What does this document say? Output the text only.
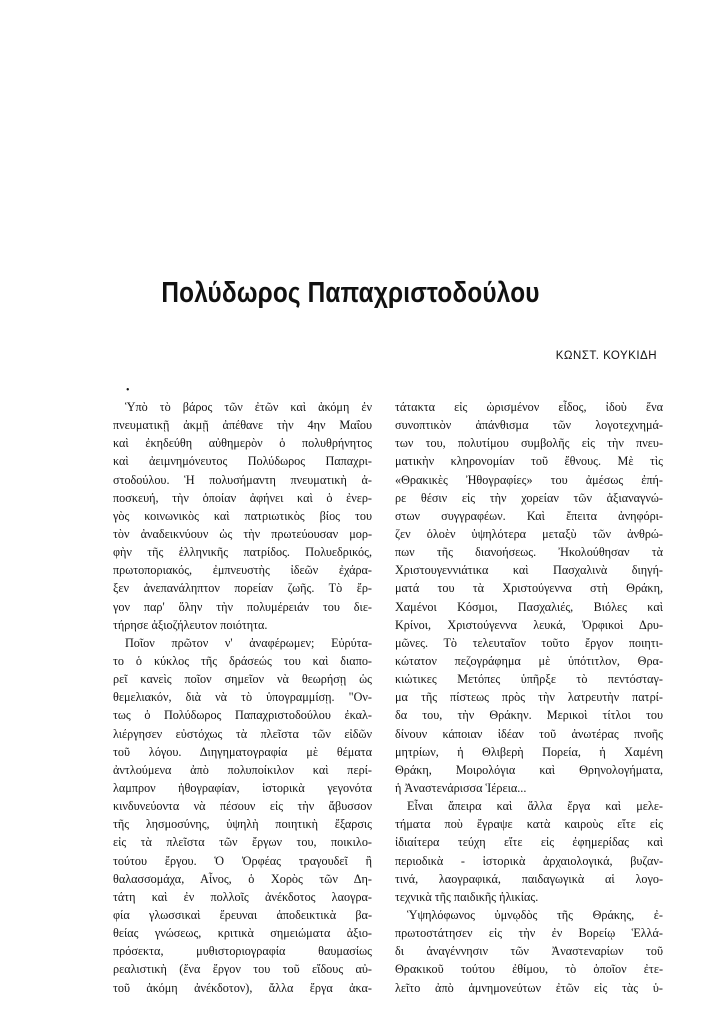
Πολύδωρος Παπαχριστοδούλου
ΚΩΝΣΤ. ΚΟΥΚΙΔΗ
•
Ὑπὸ τὸ βάρος τῶν ἐτῶν καὶ ἀκόμη ἐν
πνευματικῇ ἀκμῇ ἀπέθανε τὴν 4ην Μαΐου
καὶ ἐκηδεύθη αὐθημερὸν ὁ πολυθρήνητος
καὶ ἀειμνημόνευτος Πολύδωρος Παπαχρι-
στοδούλου. Ἡ πολυσήμαντη πνευματικὴ ἀ-
ποσκευή, τὴν ὁποίαν ἀφήνει καὶ ὁ ἐνερ-
γὸς κοινωνικὸς καὶ πατριωτικὸς βίος του
τὸν ἀναδεικνύουν ὡς τὴν πρωτεύουσαν μορ-
φὴν τῆς ἑλληνικῆς πατρίδος. Πολυεδρικός,
πρωτοποριακός, ἐμπνευστὴς ἰδεῶν ἐχάρα-
ξεν ἀνεπανάληπτον πορείαν ζωῆς. Τὸ ἔρ-
γον παρ' ὅλην τὴν πολυμέρειάν του διε-
τήρησε ἀξιοζήλευτον ποιότητα.
Ποῖον πρῶτον ν' ἀναφέρωμεν; Εὐρύτα-
το ὁ κύκλος τῆς δράσεώς του καὶ διαπο-
ρεῖ κανεὶς ποῖον σημεῖον νὰ θεωρήσῃ ὡς
θεμελιακόν, διὰ νὰ τὸ ὑπογραμμίσῃ. "Ον-
τως ὁ Πολύδωρος Παπαχριστοδούλου ἐκαλ-
λιέργησεν εὐστόχως τὰ πλεῖστα τῶν εἰδῶν
τοῦ λόγου. Διηγηματογραφία μὲ θέματα
ἀντλούμενα ἀπὸ πολυποίκιλον καὶ περί-
λαμπρον ἠθογραφίαν, ἱστορικὰ γεγονότα
κινδυνεύοντα νὰ πέσουν εἰς τὴν ἄβυσσον
τῆς λησμοσύνης, ὑψηλὴ ποιητικὴ ἔξαρσις
εἰς τὰ πλεῖστα τῶν ἔργων του, ποικιλο-
τούτου ἔργου. Ὁ Ὀρφέας τραγουδεῖ ἢ
θαλασσομάχα, Αἶνος, ὁ Χορὸς τῶν Δη-
τάτη καὶ ἐν πολλοῖς ἀνέκδοτος λαογρα-
φία γλωσσικαὶ ἔρευναι ἀποδεικτικὰ βα-
θείας γνώσεως, κριτικὰ σημειώματα ἀξιο-
πρόσεκτα, μυθιστοριογραφία θαυμασίως
ρεαλιστικὴ (ἕνα ἔργον του τοῦ εἴδους αὐ-
τοῦ ἀκόμη ἀνέκδοτον), ἄλλα ἔργα ἀκα-
τάτακτα εἰς ὡρισμένον εἶδος, ἰδοὺ ἕνα
συνοπτικὸν ἀπάνθισμα τῶν λογοτεχνημά-
των του, πολυτίμου συμβολῆς εἰς τὴν πνευ-
ματικὴν κληρονομίαν τοῦ ἔθνους. Μὲ τὶς
«Θρακικὲς Ἠθογραφίες» του ἀμέσως ἐπή-
ρε θέσιν εἰς τὴν χορείαν τῶν ἀξιαναγνώ-
στων συγγραφέων. Καὶ ἔπειτα ἀνηφόρι-
ζεν ὁλοὲν ὑψηλότερα μεταξὺ τῶν ἀνθρώ-
πων τῆς διανοήσεως. Ἠκολούθησαν τὰ
Χριστουγεννιάτικα καὶ Πασχαλινὰ διηγή-
ματά του τὰ Χριστούγεννα στὴ Θράκη,
Χαμένοι Κόσμοι, Πασχαλιές, Βιόλες καὶ
Κρίνοι, Χριστούγεννα λευκά, Ὀρφικοὶ Δρυ-
μῶνες. Τὸ τελευταῖον τοῦτο ἔργον ποιητι-
κώτατον πεζογράφημα μὲ ὑπότιτλον, Θρα-
κιώτικες Μετόπες ὑπῆρξε τὸ πεντόσταγ-
μα τῆς πίστεως πρὸς τὴν λατρευτὴν πατρί-
δα του, τὴν Θράκην. Μερικοὶ τίτλοι του
δίνουν κάποιαν ἰδέαν τοῦ ἀνωτέρας πνοῆς
μητρίων, ἡ Θλιβερὴ Πορεία, ἡ Χαμένη
Θράκη, Μοιρολόγια καὶ Θρηνολογήματα,
ἡ Ἀναστενάρισσα Ἱέρεια...
Εἶναι ἄπειρα καὶ ἄλλα ἔργα καὶ μελε-
τήματα ποὺ ἔγραψε κατὰ καιροὺς εἴτε εἰς
ἰδιαίτερα τεύχη εἴτε εἰς ἐφημερίδας καὶ
περιοδικὰ - ἱστορικὰ ἀρχαιολογικά, βυζαν-
τινά, λαογραφικά, παιδαγωγικὰ αἱ λογο-
τεχνικὰ τῆς παιδικῆς ἡλικίας.
Ὑψηλόφωνος ὑμνῳδὸς τῆς Θράκης, ἐ-
πρωτοστάτησεν εἰς τὴν ἐν Βορείῳ Ἑλλά-
δι ἀναγέννησιν τῶν Ἀναστεναρίων τοῦ
Θρακικοῦ τούτου ἐθίμου, τὸ ὁποῖον ἐτε-
λεῖτο ἀπὸ ἀμνημονεύτων ἐτῶν εἰς τὰς ὑ-
